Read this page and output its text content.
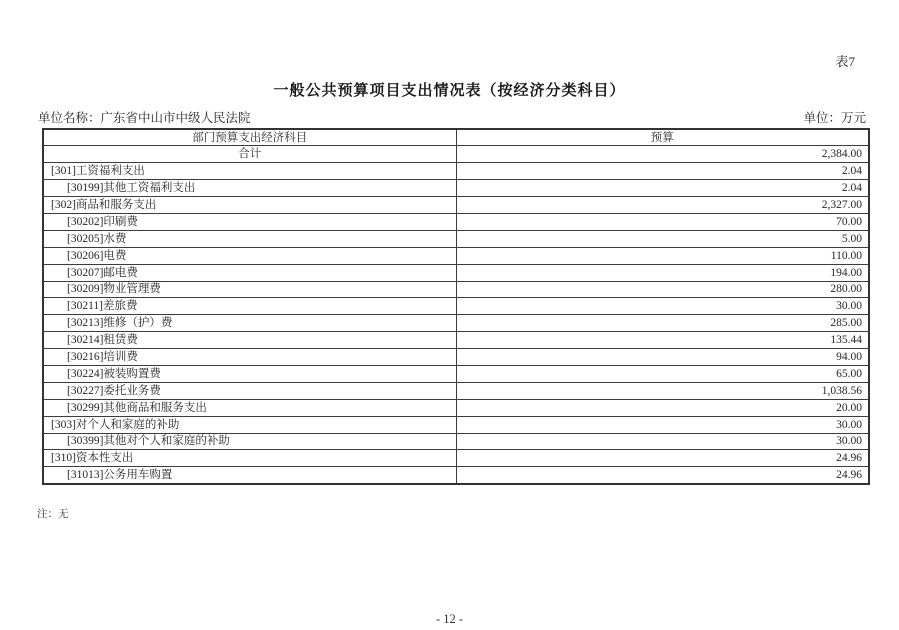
表7
一般公共预算项目支出情况表（按经济分类科目）
单位名称：广东省中山市中级人民法院	单位：万元
部门预算支出经济科目	预算
合计	2,384.00
[301]工资福利支出	2.04
[30199]其他工资福利支出	2.04
[302]商品和服务支出	2,327.00
[30202]印刷费	70.00
[30205]水费	5.00
[30206]电费	110.00
[30207]邮电费	194.00
[30209]物业管理费	280.00
[30211]差旅费	30.00
[30213]维修（护）费	285.00
[30214]租赁费	135.44
[30216]培训费	94.00
[30224]被装购置费	65.00
[30227]委托业务费	1,038.56
[30299]其他商品和服务支出	20.00
[303]对个人和家庭的补助	30.00
[30399]其他对个人和家庭的补助	30.00
[310]资本性支出	24.96
[31013]公务用车购置	24.96
注：无
- 12 -
